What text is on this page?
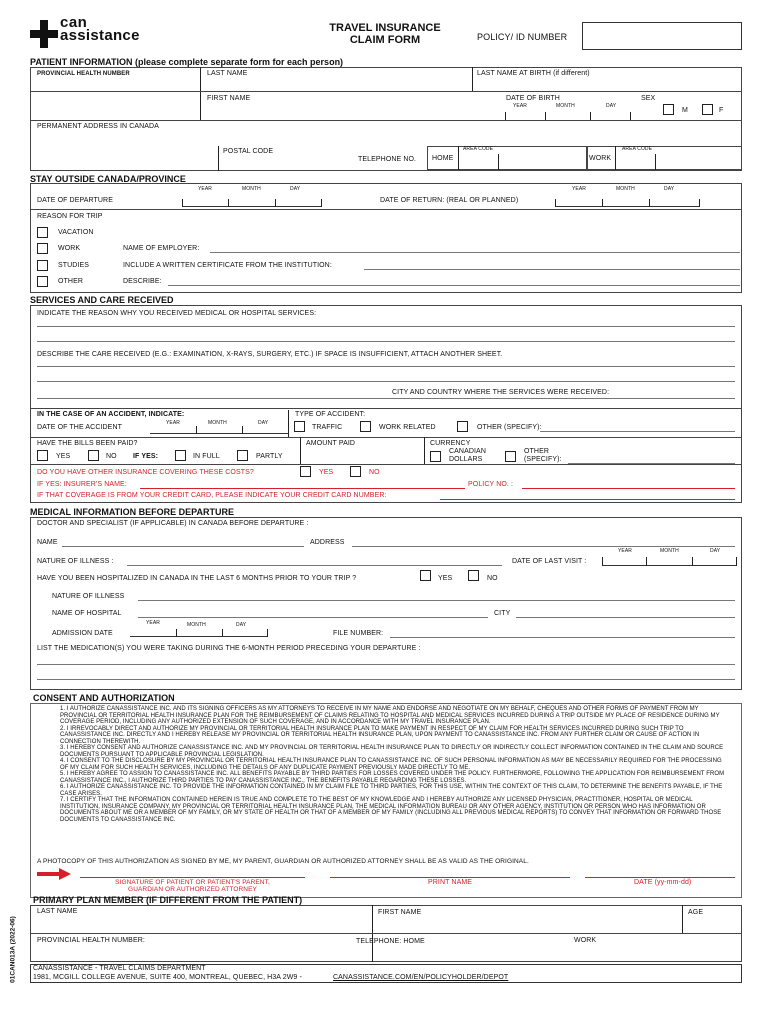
can
assistance	TRAVEL INSURANCE
CLAIM FORM	POLICY/ ID NUMBER
PATIENT INFORMATION (please complete separate form for each person)
PROVINCIAL HEALTH NUMBER	LAST NAME	LAST NAME AT BIRTH (if different)
FIRST NAME	DATE OF BIRTH
YEAR	MONTH	DAY
SEX
M	F
PERMANENT ADDRESS IN CANADA
POSTAL CODE
TELEPHONE NO.
AREA CODE
HOME
AREA CODE
WORK
STAY OUTSIDE CANADA/PROVINCE
YEAR	MONTH	DAY
DATE OF DEPARTURE	DATE OF RETURN: (REAL OR PLANNED)
YEAR	MONTH	DAY
REASON FOR TRIP
VACATION
WORK	NAME OF EMPLOYER:
STUDIES	INCLUDE A WRITTEN CERTIFICATE FROM THE INSTITUTION:
OTHER	DESCRIBE:
SERVICES AND CARE RECEIVED
INDICATE THE REASON WHY YOU RECEIVED MEDICAL OR HOSPITAL SERVICES:
DESCRIBE THE CARE RECEIVED (E.G.: EXAMINATION, X-RAYS, SURGERY, ETC.) IF SPACE IS INSUFFICIENT, ATTACH ANOTHER SHEET.
CITY AND COUNTRY WHERE THE SERVICES WERE RECEIVED:
IN THE CASE OF AN ACCIDENT, INDICATE:
YEAR	MONTH	DAY
DATE OF THE ACCIDENT
TYPE OF ACCIDENT:
TRAFFIC	WORK RELATED	OTHER (SPECIFY):
HAVE THE BILLS BEEN PAID?
YES	NO IF YES:	IN FULL	PARTLY
AMOUNT PAID	CURRENCY
CANADIAN
DOLLARS
OTHER
(SPECIFY):
DO YOU HAVE OTHER INSURANCE COVERING THESE COSTS?	YES	NO
IF YES: INSURER'S NAME:	POLICY NO. :
IF THAT COVERAGE IS FROM YOUR CREDIT CARD, PLEASE INDICATE YOUR CREDIT CARD NUMBER:
MEDICAL INFORMATION BEFORE DEPARTURE
DOCTOR AND SPECIALIST (IF APPLICABLE) IN CANADA BEFORE DEPARTURE :
NAME	ADDRESS
YEAR	MONTH	DAY
NATURE OF ILLNESS :	DATE OF LAST VISIT :
HAVE YOU BEEN HOSPITALIZED IN CANADA IN THE LAST 6 MONTHS PRIOR TO YOUR TRIP ?	YES	NO
NATURE OF ILLNESS
NAME OF HOSPITAL	CITY
YEAR	MONTH	DAY
ADMISSION DATE	FILE NUMBER:
LIST THE MEDICATION(S) YOU WERE TAKING DURING THE 6-MONTH PERIOD PRECEDING YOUR DEPARTURE :
CONSENT AND AUTHORIZATION

1. I AUTHORIZE CANASSISTANCE INC. AND ITS SIGNING OFFICERS AS MY ATTORNEYS TO RECEIVE IN MY NAME AND ENDORSE AND NEGOTIATE ON MY BEHALF, CHEQUES AND OTHER FORMS OF PAYMENT FROM MY PROVINCIAL OR TERRITORIAL HEALTH INSURANCE PLAN FOR THE REIMBURSEMENT OF CLAIMS RELATING TO HOSPITAL AND MEDICAL SERVICES INCURRED DURING A TRIP OUTSIDE MY PLACE OF RESIDENCE DURING MY COVERAGE PERIOD, INCLUDING ANY AUTHORIZED EXTENSION OF SUCH COVERAGE, AND IN ACCORDANCE WITH MY TRAVEL INSURANCE PLAN.

2. I IRREVOCABLY DIRECT AND AUTHORIZE MY PROVINCIAL OR TERRITORIAL HEALTH INSURANCE PLAN TO MAKE PAYMENT IN RESPECT OF MY CLAIM FOR HEALTH SERVICES INCURRED DURING SUCH TRIP TO CANASSISTANCE INC. DIRECTLY AND I HEREBY RELEASE MY PROVINCIAL OR TERRITORIAL HEALTH INSURANCE PLAN, UPON PAYMENT TO CANASSISTANCE INC. FROM ANY FURTHER CLAIM OR CAUSE OF ACTION IN CONNECTION THEREWITH.

3. I HEREBY CONSENT AND AUTHORIZE CANASSISTANCE INC. AND MY PROVINCIAL OR TERRITORIAL HEALTH INSURANCE PLAN TO DIRECTLY OR INDIRECTLY COLLECT INFORMATION CONTAINED IN THE CLAIM AND SOURCE DOCUMENTS PURSUANT TO APPLICABLE PROVINCIAL LEGISLATION.

4. I CONSENT TO THE DISCLOSURE BY MY PROVINCIAL OR TERRITORIAL HEALTH INSURANCE PLAN TO CANASSISTANCE INC. OF SUCH PERSONAL INFORMATION AS MAY BE NECESSARILY REQUIRED FOR THE PROCESSING OF MY CLAIM FOR SUCH HEALTH SERVICES, INCLUDING THE DETAILS OF ANY DUPLICATE PAYMENT PREVIOUSLY MADE DIRECTLY TO ME.

5. I HEREBY AGREE TO ASSIGN TO CANASSISTANCE INC. ALL BENEFITS PAYABLE BY THIRD PARTIES FOR LOSSES COVERED UNDER THE POLICY. FURTHERMORE, FOLLOWING THE APPLICATION FOR REIMBURSEMENT FROM CANASSISTANCE INC., I AUTHORIZE THIRD PARTIES TO PAY CANASSISTANCE INC., THE BENEFITS PAYABLE REGARDING THESE LOSSES.

6. I AUTHORIZE CANASSISTANCE INC. TO PROVIDE THE INFORMATION CONTAINED IN MY CLAIM FILE TO THIRD PARTIES, FOR THIS USE, WITHIN THE CONTEXT OF THIS CLAIM, TO DETERMINE THE BENEFITS PAYABLE, IF THE CASE ARISES.

7. I CERTIFY THAT THE INFORMATION CONTAINED HEREIN IS TRUE AND COMPLETE TO THE BEST OF MY KNOWLEDGE AND I HEREBY AUTHORIZE ANY LICENSED PHYSICIAN, PRACTITIONER, HOSPITAL OR MEDICAL INSTITUTION, INSURANCE COMPANY, MY PROVINCIAL OR TERRITORIAL HEALTH INSURANCE PLAN, THE MEDICAL INFORMATION BUREAU OR ANY OTHER AGENCY, INSTITUTION OR PERSON WHO HAS INFORMATION OR DOCUMENTS ABOUT ME OR A MEMBER OF MY FAMILY, OR MY STATE OF HEALTH OR THAT OF A MEMBER OF MY FAMILY (INCLUDING ALL PREVIOUS MEDICAL REPORTS) TO CONVEY THAT INFORMATION OR FORWARD THOSE DOCUMENTS TO CANASSISTANCE INC.

A PHOTOCOPY OF THIS AUTHORIZATION AS SIGNED BY ME, MY PARENT, GUARDIAN OR AUTHORIZED ATTORNEY SHALL BE AS VALID AS THE ORIGINAL.
SIGNATURE OF PATIENT OR PATIENT'S PARENT,
GUARDIAN OR AUTHORIZED ATTORNEY
PRINT NAME	DATE (yy-mm-dd)
PRIMARY PLAN MEMBER (IF DIFFERENT FROM THE PATIENT)
LAST NAME	FIRST NAME	AGE
PROVINCIAL HEALTH NUMBER:	TELEPHONE: HOME	WORK
CANASSISTANCE - TRAVEL CLAIMS DEPARTMENT
1981, MCGILL COLLEGE AVENUE, SUITE 400, MONTREAL, QUEBEC, H3A 2W9 -	CANASSISTANCE.COM/EN/POLICYHOLDER/DEPOT
01CAN013A (2022-06)
